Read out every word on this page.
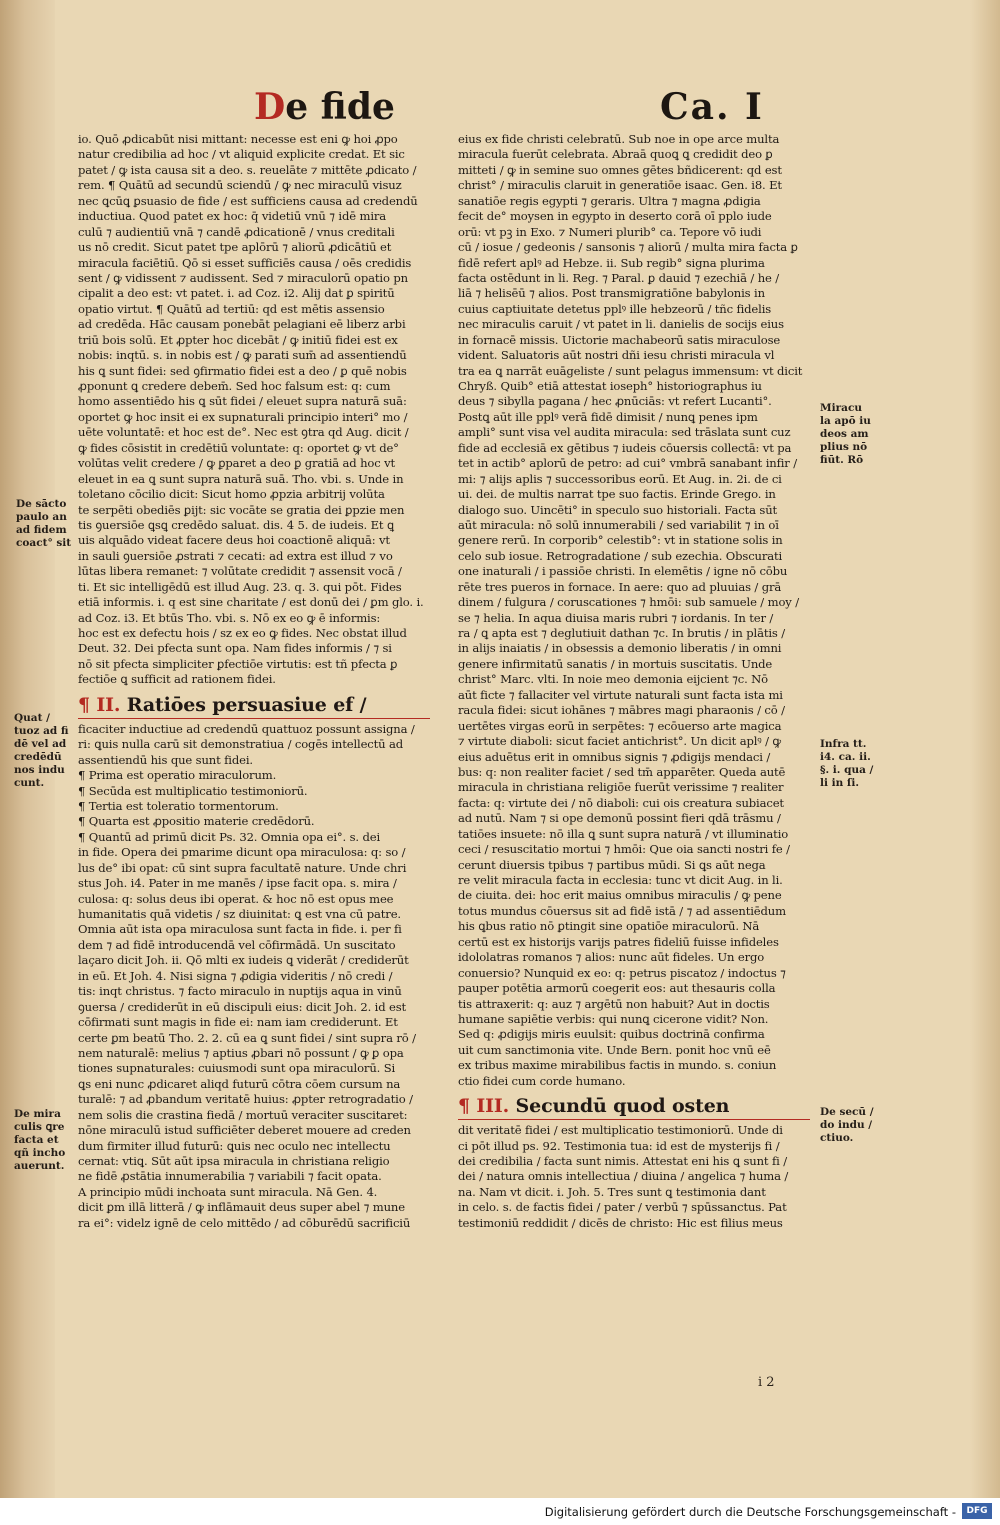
De fide	Ca. I
io. Quō ꝓdicabūt nisi mittant: necesse est eni ꝙ hoi ꝓpo
natur credibilia ad hoc / vt aliquid explicite credat. Et sic
patet / ꝙ ista causa sit a deo. s. reuelāte ⁊ mittēte ꝓdicato /
rem. ¶ Quātū ad secundū sciendū / ꝙ nec miraculū visuz
nec ꝗcūꝗ ꝑsuasio de fide / est sufficiens causa ad credendū
inductiua. Quod patet ex hoc: q̄ videtiū vnū ⁊ idē mira
culū ⁊ audientiū vnā ⁊ candē ꝓdicationē / vnus creditali
us nō credit. Sicut patet tpe aplōrū ⁊ aliorū ꝓdicātiū et
miracula faciētiū. Qō si esset sufficiēs causa / oēs credidis
sent / ꝙ vidissent ⁊ audissent. Sed ⁊ miraculorū opatio pn
cipalit a deo est: vt patet. i. ad Coz. i2. Alij dat ꝑ spiritū
opatio virtut. ¶ Quātū ad tertiū: qd est mētis assensio
ad credēda. Hāc causam ponebāt pelagiani eē liberz arbi
triū bois solū. Et ꝓpter hoc dicebāt / ꝙ initiū fidei est ex
nobis: inqtū. s. in nobis est / ꝙ parati sum̄ ad assentiendū
his ꝗ sunt fidei: sed ꝯfirmatio fidei est a deo / ꝑ quē nobis
ꝓponunt ꝗ credere debem̄. Sed hoc falsum est: q: cum
homo assentiēdo his ꝗ sūt fidei / eleuet supra naturā suā:
oportet ꝙ hoc insit ei ex supnaturali principio interi° mo /
uēte voluntatē: et hoc est de°. Nec est ꝯtra qd Aug. dicit /
ꝙ fides cōsistit in credētiū voluntate: q: oportet ꝙ vt de°
volūtas velit credere / ꝙ ꝑparet a deo ꝑ gratiā ad hoc vt
eleuet in ea ꝗ sunt supra naturā suā. Tho. vbi. s. Unde in
toletano cōcilio dicit: Sicut homo ꝓpzia arbitrij volūta
te serpēti obediēs ꝑijt: sic vocāte se gratia dei ꝑpzie men
tis ꝯuersiōe ꝗsꝗ credēdo saluat. dis. 4 5. de iudeis. Et ꝗ
uis alquādo videat facere deus hoi coactionē aliquā: vt
in sauli ꝯuersiōe ꝓstrati ⁊ cecati: ad extra est illud ⁊ vo
lūtas libera remanet: ⁊ volūtate credidit ⁊ assensit vocā /
ti. Et sic intelligēdū est illud Aug. 23. q. 3. qui pōt. Fides
etiā informis. i. q est sine charitate / est donū dei / ꝑm glo. i.
ad Coz. i3. Et btūs Tho. vbi. s. Nō ex eo ꝙ ē informis:
hoc est ex defectu hois / sz ex eo ꝙ fides. Nec obstat illud
Deut. 32. Dei pfecta sunt opa. Nam fides informis / ⁊ si
nō sit pfecta simpliciter ꝑfectiōe virtutis: est tñ pfecta ꝑ
fectiōe ꝗ sufficit ad rationem fidei.
¶ II. Ratiōes persuasiue ef /
ficaciter inductiue ad credendū quattuoz possunt assigna /
ri: ꝗuis nulla carū sit demonstratiua / cogēs intellectū ad
assentiendū his que sunt fidei.
¶ Prima est operatio miraculorum.
¶ Secūda est multiplicatio testimoniorū.
¶ Tertia est toleratio tormentorum.
¶ Quarta est ꝓpositio materie credēdorū.
¶ Quantū ad primū dicit Ps. 32. Omnia opa ei°. s. dei
in fide. Opera dei pmarime dicunt opa miraculosa: q: so /
lus de° ibi opat: cū sint supra facultatē nature. Unde chri
stus Joh. i4. Pater in me manēs / ipse facit opa. s. mira /
culosa: q: solus deus ibi operat. & hoc nō est opus mee
humanitatis quā videtis / sz diuinitat: ꝗ est vna cū patre.
Omnia aūt ista opa miraculosa sunt facta in fide. i. per fi
dem ⁊ ad fidē introducendā vel cōfirmādā. Un suscitato
laçaro dicit Joh. ii. Qō mlti ex iudeis ꝗ viderāt / crediderūt
in eū. Et Joh. 4. Nisi signa ⁊ ꝓdigia videritis / nō credi /
tis: inqt christus. ⁊ facto miraculo in nuptijs aqua in vinū
ꝯuersa / crediderūt in eū discipuli eius: dicit Joh. 2. id est
cōfirmati sunt magis in fide ei: nam iam crediderunt. Et
certe ꝑm beatū Tho. 2. 2. cū ea ꝗ sunt fidei / sint supra rō /
nem naturalē: melius ⁊ aptius ꝓbari nō possunt / ꝙ ꝑ opa
tiones supnaturales: cuiusmodi sunt opa miraculorū. Si
ꝗs eni nunc ꝓdicaret aliqd futurū cōtra cōem cursum na
turalē: ⁊ ad ꝓbandum veritatē huius: ꝓpter retrogradatio /
nem solis die crastina fiedā / mortuū veraciter suscitaret:
nōne miraculū istud sufficiēter deberet mouere ad creden
dum firmiter illud futurū: ꝗuis nec oculo nec intellectu
cernat: vtiꝗ. Sūt aūt ipsa miracula in christiana religio
ne fidē ꝓstātia innumerabilia ⁊ variabili ⁊ facit opata.
A principio mūdi inchoata sunt miracula. Nā Gen. 4.
dicit ꝑm illā litterā / ꝙ inflāmauit deus super abel ⁊ mune
ra ei°: videlz ignē de celo mittēdo / ad cōburēdū sacrificiū
eius ex fide christi celebratū. Sub noe in ope arce multa
miracula fuerūt celebrata. Abraā quoꝗ ꝗ credidit deo ꝑ
mitteti / ꝙ in semine suo omnes gētes bñdicerent: qd est
christ° / miraculis claruit in generatiōe isaac. Gen. i8. Et
sanatiōe regis egypti ⁊ geraris. Ultra ⁊ magna ꝓdigia
fecit de° moysen in egypto in deserto corā oī pplo iude
orū: vt pꝫ in Exo. ⁊ Numeri plurib° ca. Tepore vō iudi
cū / iosue / gedeonis / sansonis ⁊ aliorū / multa mira facta ꝑ
fidē refert aplꝰ ad Hebze. ii. Sub regib° signa plurima
facta ostēdunt in li. Reg. ⁊ Paral. ꝑ dauid ⁊ ezechiā / he /
liā ⁊ helisēū ⁊ alios. Post transmigratiōne babylonis in
cuius captiuitate detetus pplꝰ ille hebzeorū / tñc fidelis
nec miraculis caruit / vt patet in li. danielis de socijs eius
in fornacē missis. Uictorie machabeorū satis miraculose
vident. Saluatoris aūt nostri dñi iesu christi miracula vl
tra ea ꝗ narrāt euāgeliste / sunt pelagus immensum: vt dicit
Chryß. Quib° etiā attestat ioseph° historiographus iu
deus ⁊ sibylla pagana / hec ꝓnūciās: vt refert Lucanti°.
Postꝗ aūt ille pplꝰ verā fidē dimisit / nunꝗ penes ipm
ampli° sunt visa vel audita miracula: sed trāslata sunt cuz
fide ad ecclesiā ex gētibus ⁊ iudeis cōuersis collectā: vt pa
tet in actib° aplorū de petro: ad cui° vmbrā sanabant infir /
mi: ⁊ alijs aplis ⁊ successoribus eorū. Et Aug. in. 2i. de ci
ui. dei. de multis narrat tpe suo factis. Erinde Grego. in
dialogo suo. Uincēti° in speculo suo historiali. Facta sūt
aūt miracula: nō solū innumerabili / sed variabilit ⁊ in oī
genere rerū. In corporib° celestib°: vt in statione solis in
celo sub iosue. Retrogradatione / sub ezechia. Obscurati
one inaturali / i passiōe christi. In elemētis / igne nō cōbu
rēte tres pueros in fornace. In aere: quo ad pluuias / grā
dinem / fulgura / coruscationes ⁊ hmōi: sub samuele / moy /
se ⁊ helia. In aqua diuisa maris rubri ⁊ iordanis. In ter /
ra / ꝗ apta est ⁊ deglutiuit dathan ⁊c. In brutis / in plātis /
in alijs inaiatis / in obsessis a demonio liberatis / in omni
genere infirmitatū sanatis / in mortuis suscitatis. Unde
christ° Marc. vlti. In noie meo demonia eijcient ⁊c. Nō
aūt ficte ⁊ fallaciter vel virtute naturali sunt facta ista mi
racula fidei: sicut iohānes ⁊ mābres magi pharaonis / cō /
uertētes virgas eorū in serpētes: ⁊ ecōuerso arte magica
⁊ virtute diaboli: sicut faciet antichrist°. Un dicit aplꝰ / ꝙ
eius aduētus erit in omnibus signis ⁊ ꝓdigijs mendaci /
bus: q: non realiter faciet / sed tm̄ apparēter. Queda autē
miracula in christiana religiōe fuerūt verissime ⁊ realiter
facta: q: virtute dei / nō diaboli: cui ois creatura subiacet
ad nutū. Nam ⁊ si ope demonū possint fieri qdā trāsmu /
tatiōes insuete: nō illa ꝗ sunt supra naturā / vt illuminatio
ceci / resuscitatio mortui ⁊ hmōi: Que oia sancti nostri fe /
cerunt diuersis tpibus ⁊ partibus mūdi. Si ꝗs aūt nega
re velit miracula facta in ecclesia: tunc vt dicit Aug. in li.
de ciuita. dei: hoc erit maius omnibus miraculis / ꝙ pene
totus mundus cōuersus sit ad fidē istā / ⁊ ad assentiēdum
his ꝗbus ratio nō ꝑtingit sine opatiōe miraculorū. Nā
certū est ex historijs varijs patres fideliū fuisse infideles
idololatras romanos ⁊ alios: nunc aūt fideles. Un ergo
conuersio? Nunquid ex eo: q: petrus piscatoz / indoctus ⁊
pauper potētia armorū coegerit eos: aut thesauris colla
tis attraxerit: q: auz ⁊ argētū non habuit? Aut in doctis
humane sapiētie verbis: qui nunꝗ cicerone vidit? Non.
Sed q: ꝓdigijs miris euulsit: quibus doctrinā confirma
uit cum sanctimonia vite. Unde Bern. ponit hoc vnū eē
ex tribus maxime mirabilibus factis in mundo. s. coniun
ctio fidei cum corde humano.
¶ III. Secundū quod osten
dit veritatē fidei / est multiplicatio testimoniorū. Unde di
ci pōt illud ps. 92. Testimonia tua: id est de mysterijs fi /
dei credibilia / facta sunt nimis. Attestat eni his ꝗ sunt fi /
dei / natura omnis intellectiua / diuina / angelica ⁊ huma /
na. Nam vt dicit. i. Joh. 5. Tres sunt ꝗ testimonia dant
in celo. s. de factis fidei / pater / verbū ⁊ spūssanctus. Pat
testimoniū reddidit / dicēs de christo: Hic est filius meus
De sācto
paulo an
ad fidem
coact° sit
Quat /
tuoz ad fi
dē vel ad
credēdū
nos indu
cunt.
De mira
culis ꝗre
facta et
qñ incho
auerunt.
Miracu
la apō iu
deos am
plius nō
fiūt. Rō
Infra tt.
i4. ca. ii.
§. i. qua /
li in ſi.
De secū /
do indu /
ctiuo.
i 2
Digitalisierung gefördert durch die Deutsche Forschungsgemeinschaft -	DFG
